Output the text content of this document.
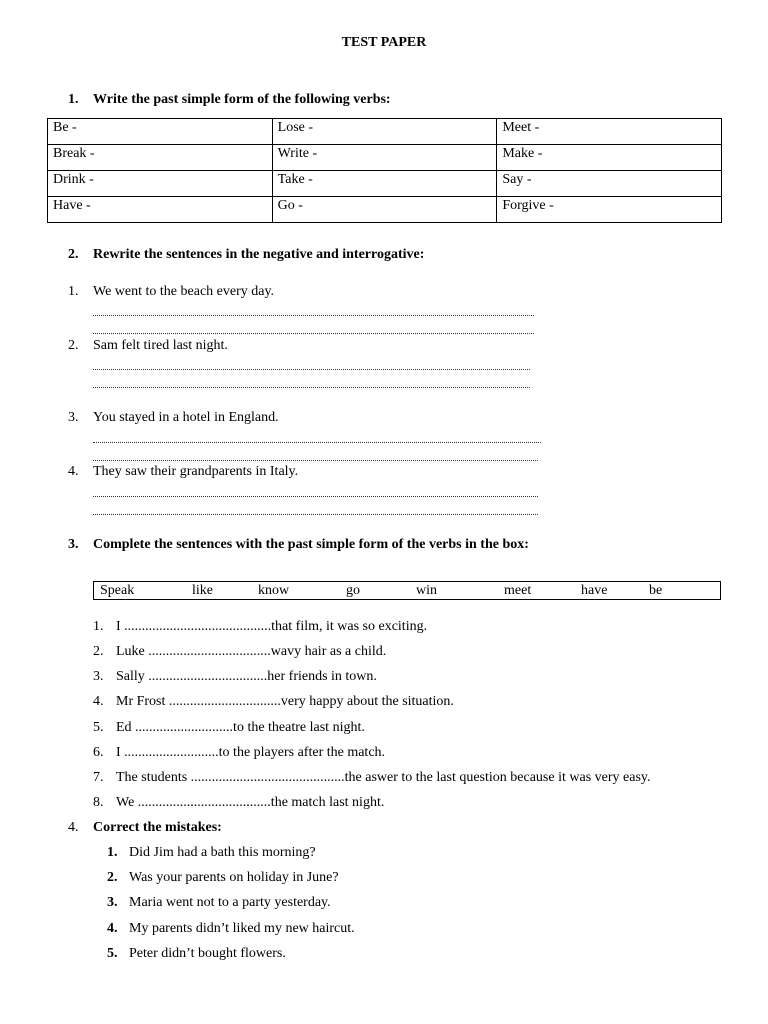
TEST PAPER
1. Write the past simple form of the following verbs:
Be -	Lose -	Meet -
Break -	Write -	Make -
Drink -	Take -	Say -
Have -	Go -	Forgive -
2. Rewrite the sentences in the negative and interrogative:
1. We went to the beach every day.
2. Sam felt tired last night.
3. You stayed in a hotel in England.
4. They saw their grandparents in Italy.
3. Complete the sentences with the past simple form of the verbs in the box:
Speak	like	know	go	win	meet	have	be
1. I ..........................................that film, it was so exciting.
2. Luke ...................................wavy hair as a child.
3. Sally ..................................her friends in town.
4. Mr Frost ................................very happy about the situation.
5. Ed ............................to the theatre last night.
6. I ...........................to the players after the match.
7. The students ............................................the aswer to the last question because it was very easy.
8. We ......................................the match last night.
4. Correct the mistakes:
1. Did Jim had a bath this morning?
2. Was your parents on holiday in June?
3. Maria went not to a party yesterday.
4. My parents didn’t liked my new haircut.
5. Peter didn’t bought flowers.
